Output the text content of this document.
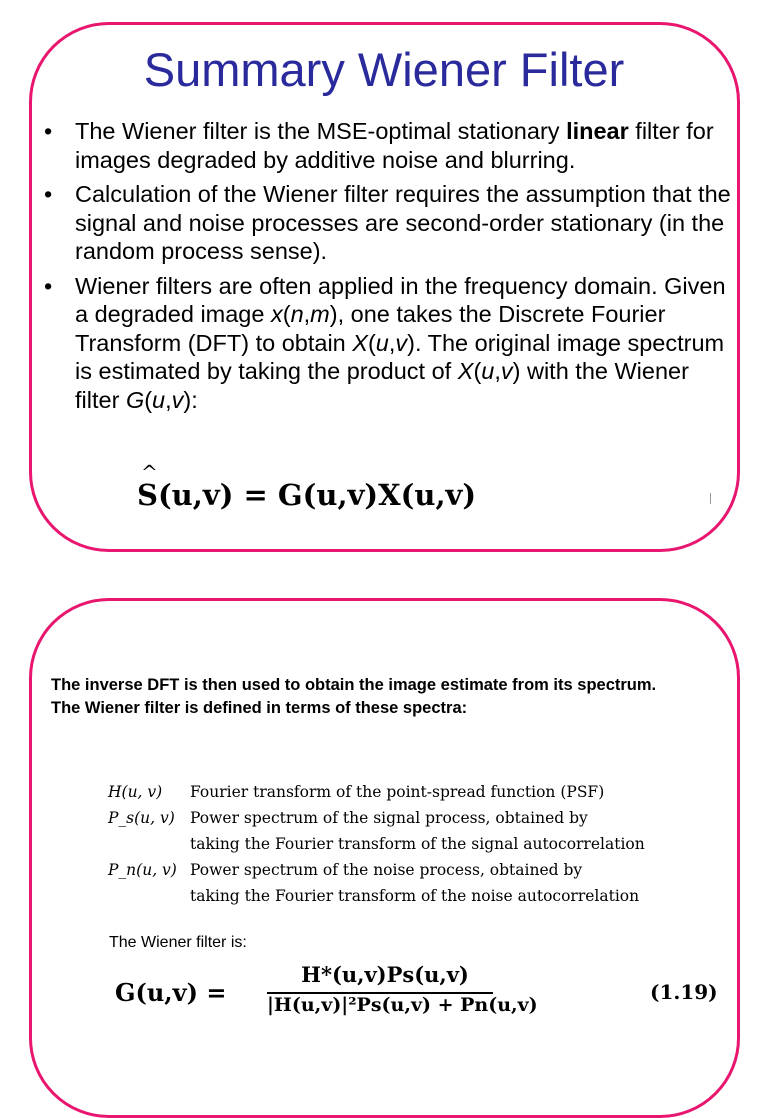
Summary Wiener Filter
• The Wiener filter is the MSE-optimal stationary linear filter for images degraded by additive noise and blurring.
• Calculation of the Wiener filter requires the assumption that the signal and noise processes are second-order stationary (in the random process sense).
• Wiener filters are often applied in the frequency domain. Given a degraded image x(n,m), one takes the Discrete Fourier Transform (DFT) to obtain X(u,v). The original image spectrum is estimated by taking the product of X(u,v) with the Wiener filter G(u,v):
^ S(u,v) = G(u,v)X(u,v)
The inverse DFT is then used to obtain the image estimate from its spectrum.
The Wiener filter is defined in terms of these spectra:
H(u, v)	Fourier transform of the point-spread function (PSF)
P_s(u, v) Power spectrum of the signal process, obtained by
taking the Fourier transform of the signal autocorrelation
P_n(u, v) Power spectrum of the noise process, obtained by
taking the Fourier transform of the noise autocorrelation
The Wiener filter is:
G(u,v) =
H*(u,v)Ps(u,v)
|H(u,v)|²Ps(u,v) + Pn(u,v)
(1.19)
